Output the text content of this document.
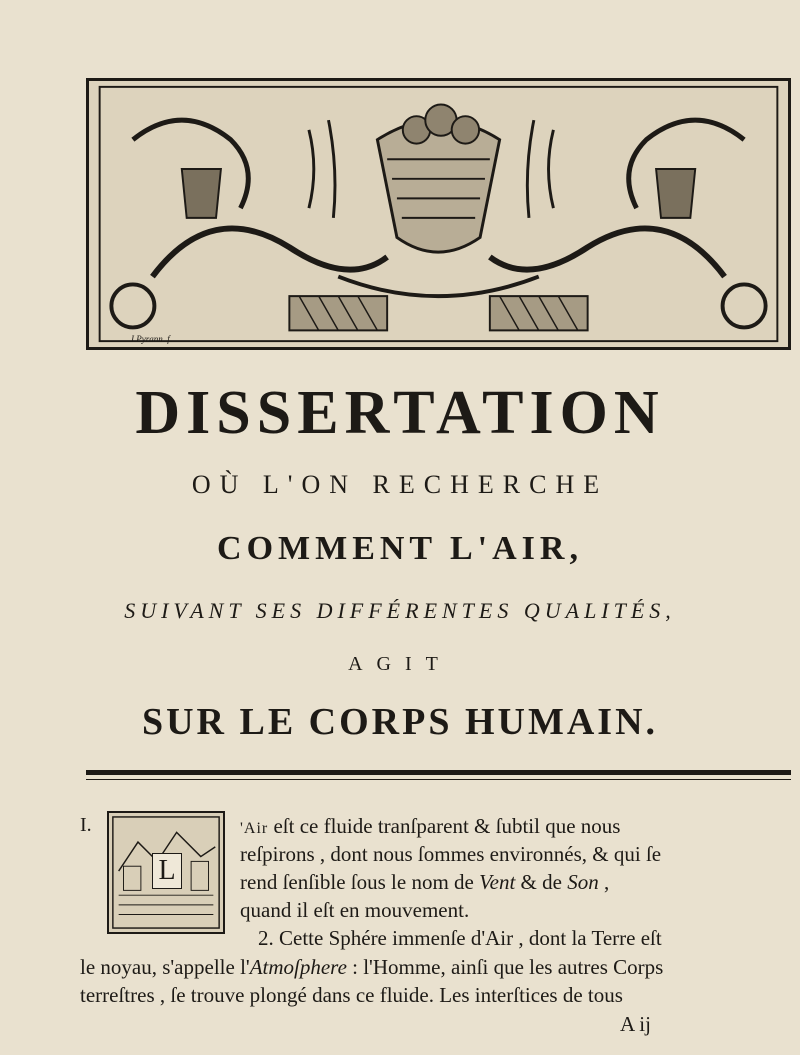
J.Pyrann. f.
DISSERTATION
OÙ L'ON RECHERCHE
COMMENT L'AIR,
SUIVANT SES DIFFÉRENTES QUALITÉS,
AGIT
SUR LE CORPS HUMAIN.
I.
L
'Air eſt ce fluide tranſparent & ſubtil que nous
reſpirons , dont nous ſommes environnés, & qui ſe
rend ſenſible ſous le nom de Vent & de Son ,
quand il eſt en mouvement.
2. Cette Sphére immenſe d'Air , dont la Terre eſt
le noyau, s'appelle l'Atmoſphere : l'Homme, ainſi que les autres Corps
terreſtres , ſe trouve plongé dans ce fluide. Les interſtices de tous
A ij
